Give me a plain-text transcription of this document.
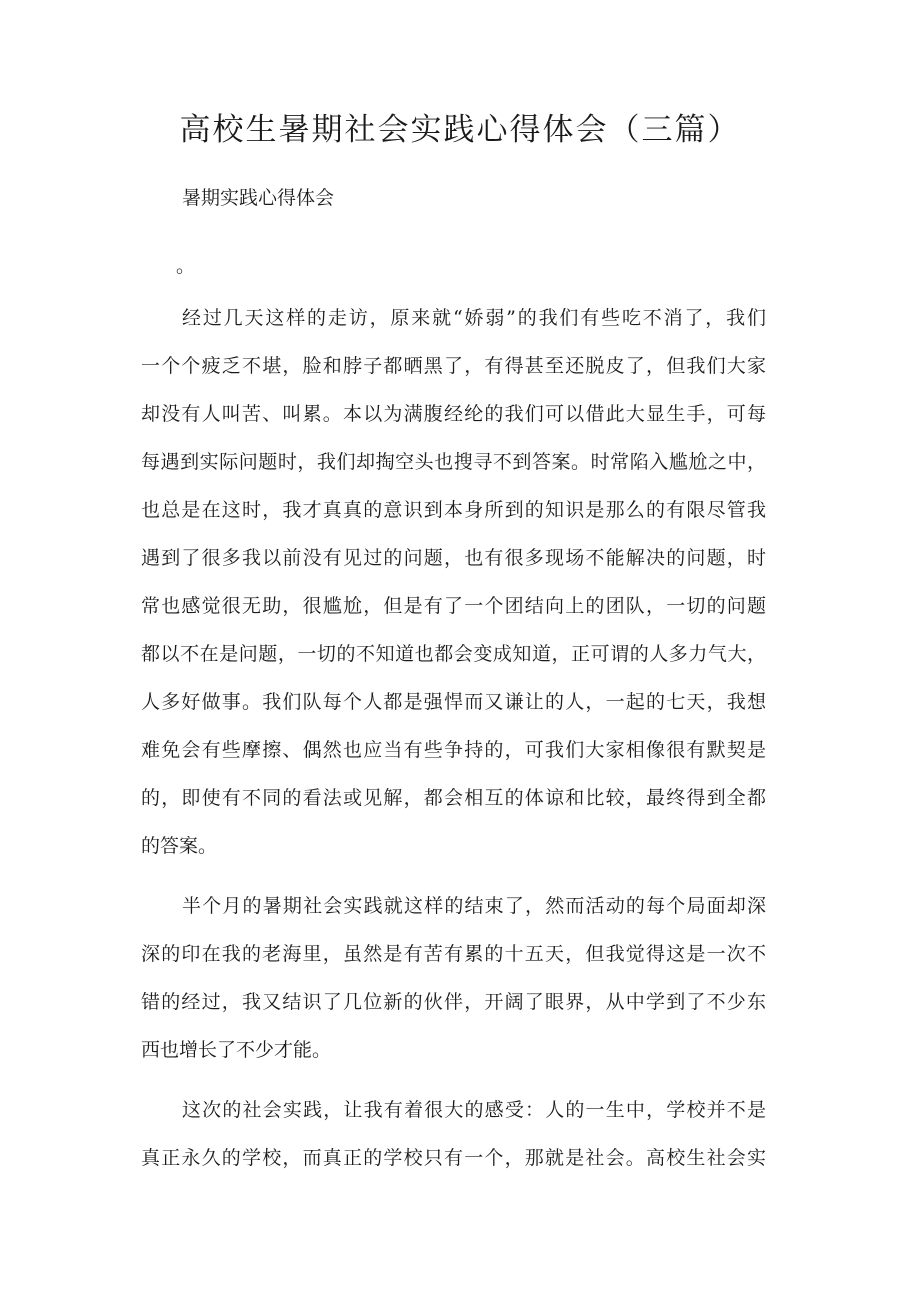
高校生暑期社会实践心得体会（三篇）
暑期实践心得体会
。
经过几天这样的走访，原来就“娇弱”的我们有些吃不消了，我们
一个个疲乏不堪，脸和脖子都晒黑了，有得甚至还脱皮了，但我们大家
却没有人叫苦、叫累。本以为满腹经纶的我们可以借此大显生手，可每
每遇到实际问题时，我们却掏空头也搜寻不到答案。时常陷入尴尬之中，
也总是在这时，我才真真的意识到本身所到的知识是那么的有限尽管我
遇到了很多我以前没有见过的问题，也有很多现场不能解决的问题，时
常也感觉很无助，很尴尬，但是有了一个团结向上的团队，一切的问题
都以不在是问题，一切的不知道也都会变成知道，正可谓的人多力气大，
人多好做事。我们队每个人都是强悍而又谦让的人，一起的七天，我想
难免会有些摩擦、偶然也应当有些争持的，可我们大家相像很有默契是
的，即使有不同的看法或见解，都会相互的体谅和比较，最终得到全都
的答案。
半个月的暑期社会实践就这样的结束了，然而活动的每个局面却深
深的印在我的老海里，虽然是有苦有累的十五天，但我觉得这是一次不
错的经过，我又结识了几位新的伙伴，开阔了眼界，从中学到了不少东
西也增长了不少才能。
这次的社会实践，让我有着很大的感受：人的一生中，学校并不是
真正永久的学校，而真正的学校只有一个，那就是社会。高校生社会实
